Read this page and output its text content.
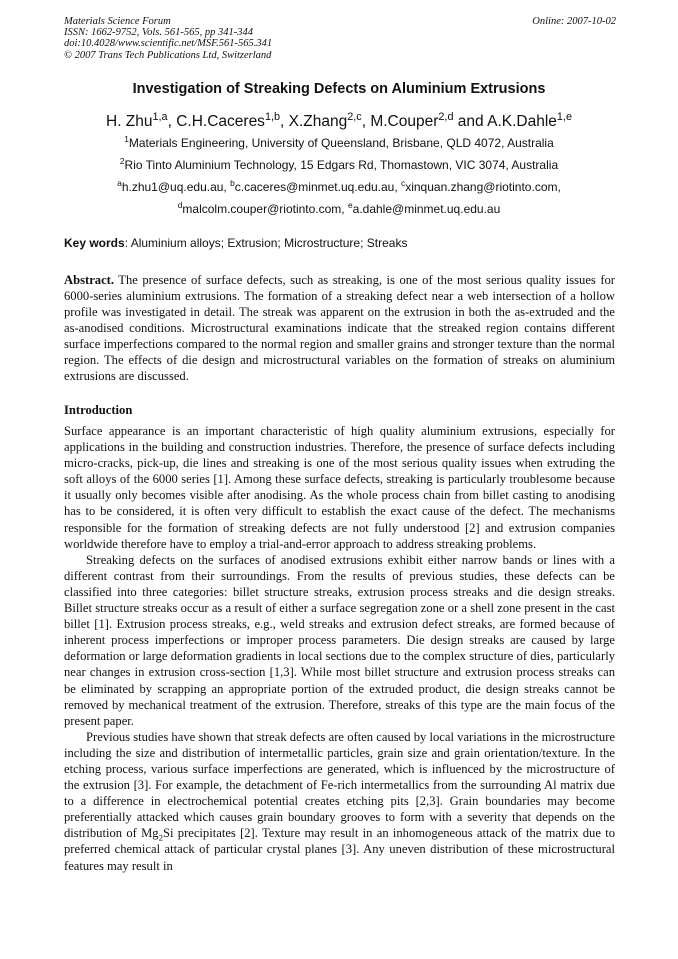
Materials Science Forum
ISSN: 1662-9752, Vols. 561-565, pp 341-344
doi:10.4028/www.scientific.net/MSF.561-565.341
© 2007 Trans Tech Publications Ltd, Switzerland
Online: 2007-10-02
Investigation of Streaking Defects on Aluminium Extrusions
H. Zhu$^{1,a}$, C.H.Caceres$^{1,b}$, X.Zhang$^{2,c}$, M.Couper$^{2,d}$ and A.K.Dahle$^{1,e}$
$^1$Materials Engineering, University of Queensland, Brisbane, QLD 4072, Australia
$^2$Rio Tinto Aluminium Technology, 15 Edgars Rd, Thomastown, VIC 3074, Australia
$^a$h.zhu1@uq.edu.au, $^b$c.caceres@minmet.uq.edu.au, $^c$xinquan.zhang@riotinto.com,
$^d$malcolm.couper@riotinto.com, $^e$a.dahle@minmet.uq.edu.au
Key words: Aluminium alloys; Extrusion; Microstructure; Streaks
Abstract. The presence of surface defects, such as streaking, is one of the most serious quality issues for 6000-series aluminium extrusions. The formation of a streaking defect near a web intersection of a hollow profile was investigated in detail. The streak was apparent on the extrusion in both the as-extruded and the as-anodised conditions. Microstructural examinations indicate that the streaked region contains different surface imperfections compared to the normal region and smaller grains and stronger texture than the normal region. The effects of die design and microstructural variables on the formation of streaks on aluminium extrusions are discussed.
Introduction

Surface appearance is an important characteristic of high quality aluminium extrusions, especially for applications in the building and construction industries. Therefore, the presence of surface defects including micro-cracks, pick-up, die lines and streaking is one of the most serious quality issues when extruding the soft alloys of the 6000 series [1]. Among these surface defects, streaking is particularly troublesome because it usually only becomes visible after anodising. As the whole process chain from billet casting to anodising has to be considered, it is often very difficult to establish the exact cause of the defect. The mechanisms responsible for the formation of streaking defects are not fully understood [2] and extrusion companies worldwide therefore have to employ a trial-and-error approach to address streaking problems.

Streaking defects on the surfaces of anodised extrusions exhibit either narrow bands or lines with a different contrast from their surroundings. From the results of previous studies, these defects can be classified into three categories: billet structure streaks, extrusion process streaks and die design streaks. Billet structure streaks occur as a result of either a surface segregation zone or a shell zone present in the cast billet [1]. Extrusion process streaks, e.g., weld streaks and extrusion defect streaks, are formed because of inherent process imperfections or improper process parameters. Die design streaks are caused by large deformation or large deformation gradients in local sections due to the complex structure of dies, particularly near changes in extrusion cross-section [1,3]. While most billet structure and extrusion process streaks can be eliminated by scrapping an appropriate portion of the extruded product, die design streaks cannot be removed by mechanical treatment of the extrusion. Therefore, streaks of this type are the main focus of the present paper.

Previous studies have shown that streak defects are often caused by local variations in the microstructure including the size and distribution of intermetallic particles, grain size and grain orientation/texture. In the etching process, various surface imperfections are generated, which is influenced by the microstructure of the extrusion [3]. For example, the detachment of Fe-rich intermetallics from the surrounding Al matrix due to a difference in electrochemical potential creates etching pits [2,3]. Grain boundaries may become preferentially attacked which causes grain boundary grooves to form with a severity that depends on the distribution of $Mg_2Si$ precipitates [2]. Texture may result in an inhomogeneous attack of the matrix due to preferred chemical attack of particular crystal planes [3]. Any uneven distribution of these microstructural features may result in
